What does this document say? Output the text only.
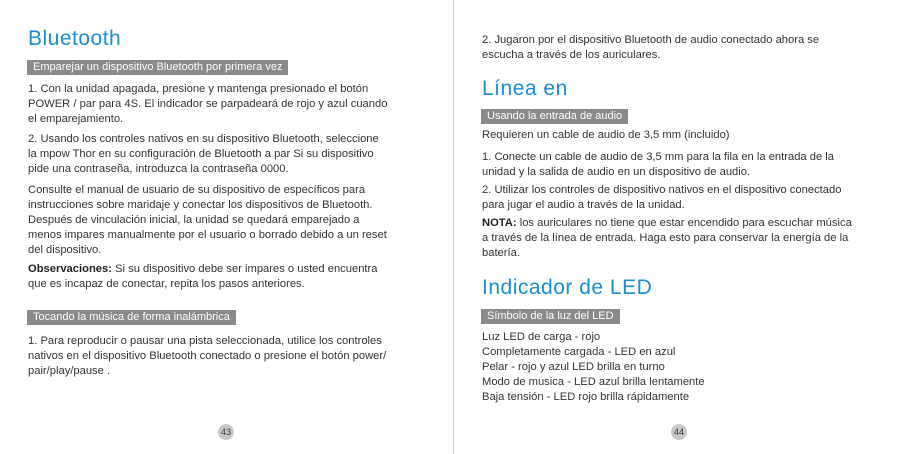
Bluetooth
Emparejar un dispositivo Bluetooth por primera vez
1. Con la unidad apagada, presione y mantenga presionado el botón
POWER / par para 4S. El indicador se parpadeará de rojo y azul cuando
el emparejamiento.
2. Usando los controles nativos en su dispositivo Bluetooth, seleccione
la mpow Thor en su configuración de Bluetooth a par Si su dispositivo
pide una contraseña, introduzca la contraseña 0000.
Consulte el manual de usuario de su dispositivo de específicos para
instrucciones sobre maridaje y conectar los dispositivos de Bluetooth.
Después de vinculación inicial, la unidad se quedará emparejado a
menos impares manualmente por el usuario o borrado debido a un reset
del dispositivo.
Observaciones: Si su dispositivo debe ser impares o usted encuentra
que es incapaz de conectar, repita los pasos anteriores.
Tocando la música de forma inalámbrica
1. Para reproducir o pausar una pista seleccionada, utilice los controles
nativos en el dispositivo Bluetooth conectado o presione el botón power/
pair/play/pause .
43
2. Jugaron por el dispositivo Bluetooth de audio conectado ahora se
escucha a través de los auriculares.
Línea en
Usando la entrada de audio
Requieren un cable de audio de 3,5 mm (incluido)
1. Conecte un cable de audio de 3,5 mm para la fila en la entrada de la
unidad y la salida de audio en un dispositivo de audio.
2. Utilizar los controles de dispositivo nativos en el dispositivo conectado
para jugar el audio a través de la unidad.
NOTA: los auriculares no tiene que estar encendido para escuchar música
a través de la línea de entrada. Haga esto para conservar la energía de la
batería.
Indicador de LED
Símbolo de la luz del LED
Luz LED de carga - rojo
Completamente cargada - LED en azul
Pelar - rojo y azul LED brilla en turno
Modo de musica - LED azul brilla lentamente
Baja tensión - LED rojo brilla rápidamente
44
